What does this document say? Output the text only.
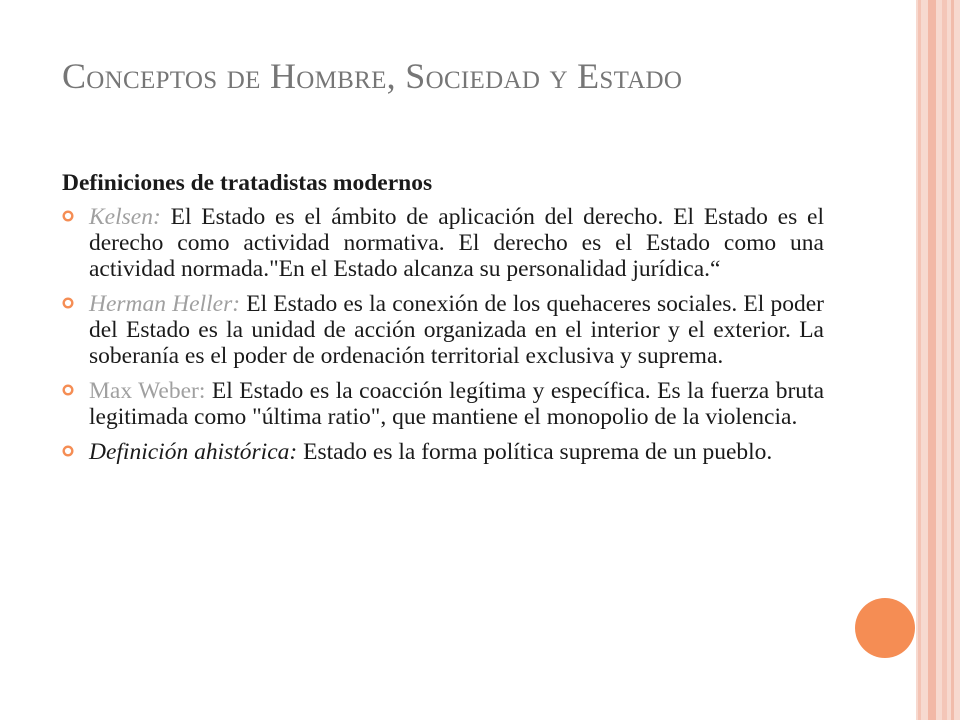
Conceptos de Hombre, Sociedad y Estado

Definiciones de tratadistas modernos

Kelsen: El Estado es el ámbito de aplicación del derecho. El Estado es el derecho como actividad normativa. El derecho es el Estado como una actividad normada."En el Estado alcanza su personalidad jurídica.“
Herman Heller: El Estado es la conexión de los quehaceres sociales. El poder del Estado es la unidad de acción organizada en el interior y el exterior. La soberanía es el poder de ordenación territorial exclusiva y suprema.
Max Weber: El Estado es la coacción legítima y específica. Es la fuerza bruta legitimada como "última ratio", que mantiene el monopolio de la violencia.
Definición ahistórica: Estado es la forma política suprema de un pueblo.
